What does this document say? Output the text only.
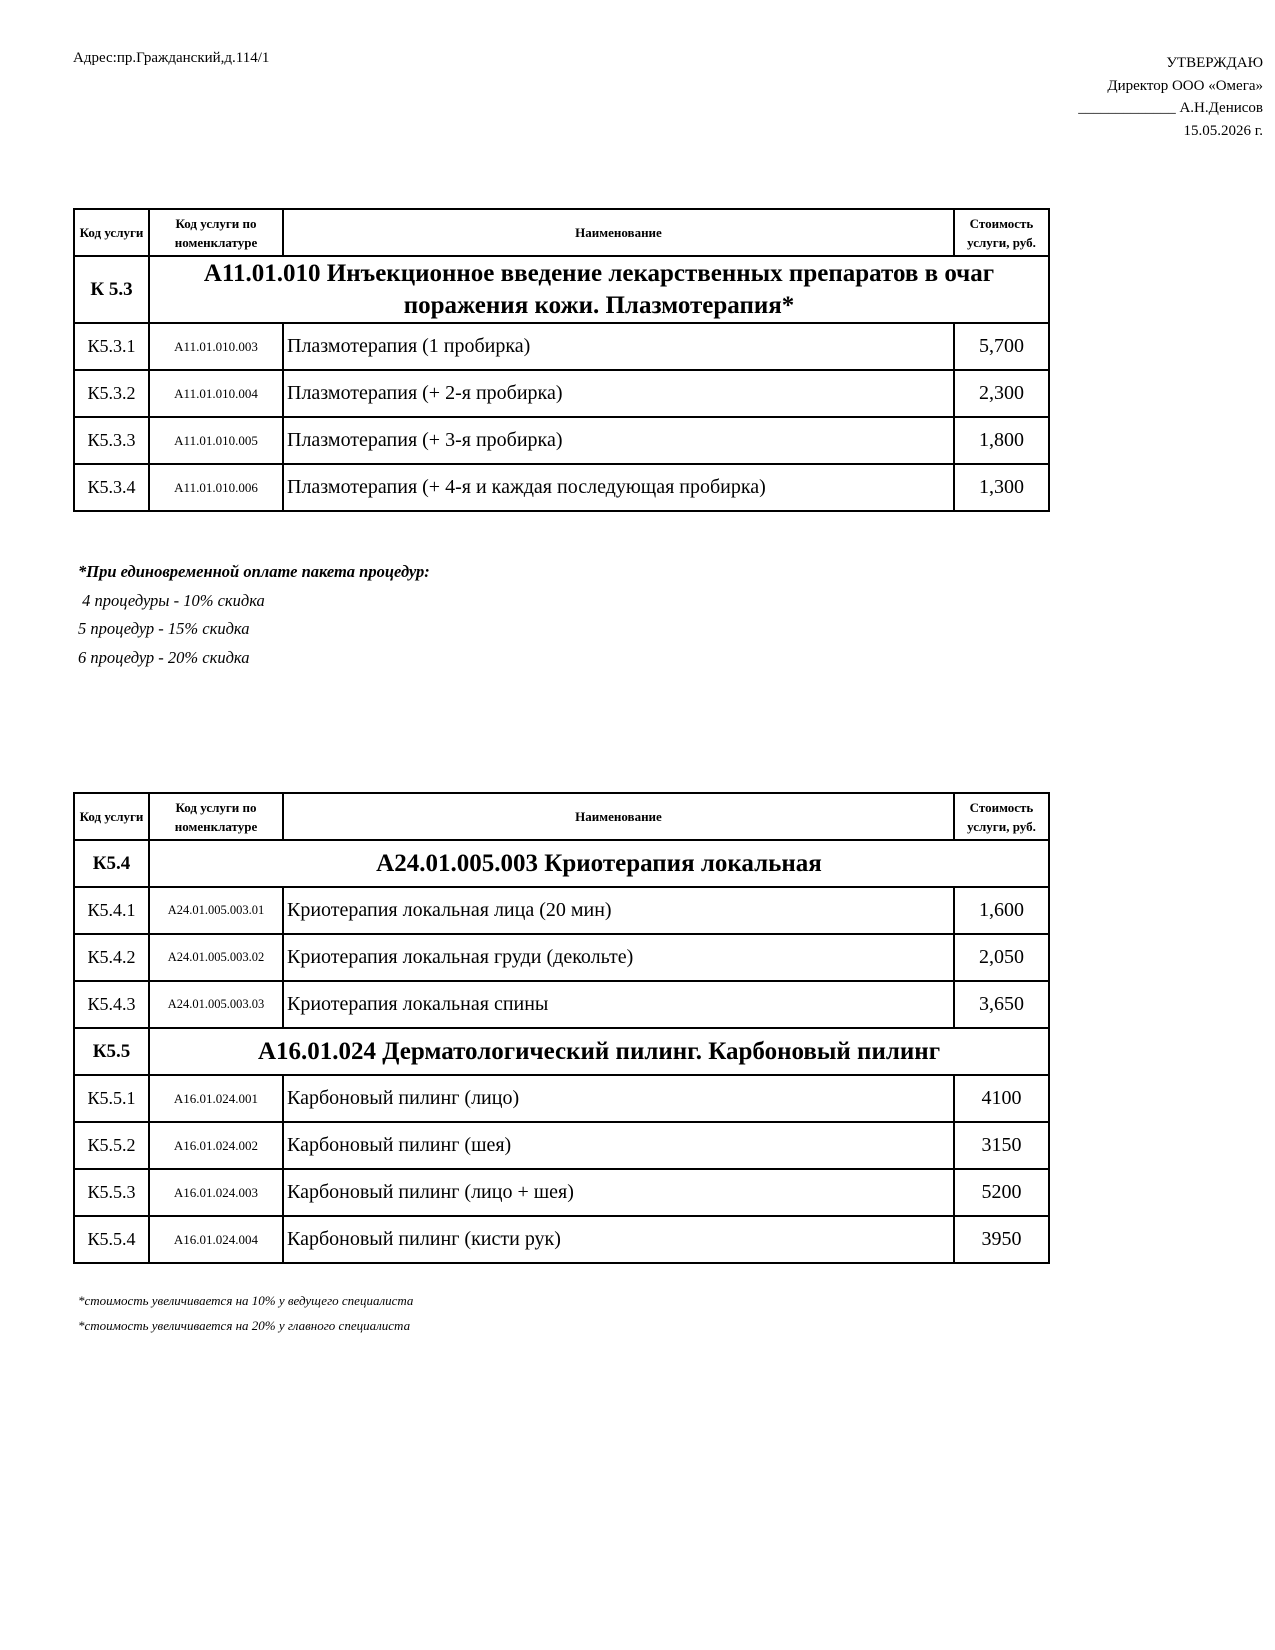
Адрес:пр.Гражданский,д.114/1	УТВЕРЖДАЮ
Директор ООО «Омега»
_____________ А.Н.Денисов
15.05.2026 г.
Код услуги	Код услуги по номенклатуре	Наименование	Стоимость услуги, руб.
К 5.3	А11.01.010 Инъекционное введение лекарственных препаратов в очаг поражения кожи. Плазмотерапия*		
К5.3.1	А11.01.010.003	Плазмотерапия (1 пробирка)	5,700
К5.3.2	А11.01.010.004	Плазмотерапия (+ 2-я пробирка)	2,300
К5.3.3	А11.01.010.005	Плазмотерапия (+ 3-я пробирка)	1,800
К5.3.4	А11.01.010.006	Плазмотерапия (+ 4-я и каждая последующая пробирка)	1,300
*При единовременной оплате пакета процедур:
4 процедуры - 10% скидка
5 процедур - 15% скидка
6 процедур - 20% скидка
Код услуги	Код услуги по номенклатуре	Наименование	Стоимость услуги, руб.
К5.4	А24.01.005.003 Криотерапия локальная		
К5.4.1	А24.01.005.003.01	Криотерапия локальная лица (20 мин)	1,600
К5.4.2	А24.01.005.003.02	Криотерапия локальная груди (декольте)	2,050
К5.4.3	А24.01.005.003.03	Криотерапия локальная спины	3,650
К5.5	А16.01.024 Дерматологический пилинг. Карбоновый пилинг		
К5.5.1	А16.01.024.001	Карбоновый пилинг (лицо)	4100
К5.5.2	А16.01.024.002	Карбоновый пилинг (шея)	3150
К5.5.3	А16.01.024.003	Карбоновый пилинг (лицо + шея)	5200
К5.5.4	А16.01.024.004	Карбоновый пилинг (кисти рук)	3950
*стоимость увеличивается на 10% у ведущего специалиста
*стоимость увеличивается на 20% у главного специалиста
